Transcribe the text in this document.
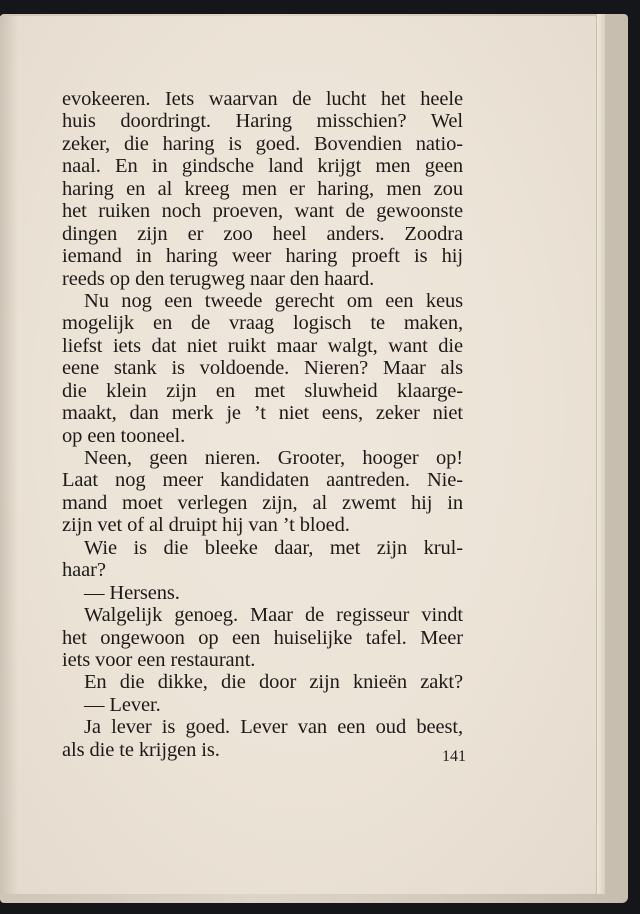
evokeeren. Iets waarvan de lucht het heele
huis doordringt. Haring misschien? Wel
zeker, die haring is goed. Bovendien natio-
naal. En in gindsche land krijgt men geen
haring en al kreeg men er haring, men zou
het ruiken noch proeven, want de gewoonste
dingen zijn er zoo heel anders. Zoodra
iemand in haring weer haring proeft is hij
reeds op den terugweg naar den haard.
Nu nog een tweede gerecht om een keus
mogelijk en de vraag logisch te maken,
liefst iets dat niet ruikt maar walgt, want die
eene stank is voldoende. Nieren? Maar als
die klein zijn en met sluwheid klaarge-
maakt, dan merk je ’t niet eens, zeker niet
op een tooneel.
Neen, geen nieren. Grooter, hooger op!
Laat nog meer kandidaten aantreden. Nie-
mand moet verlegen zijn, al zwemt hij in
zijn vet of al druipt hij van ’t bloed.
Wie is die bleeke daar, met zijn krul-
haar?
— Hersens.
Walgelijk genoeg. Maar de regisseur vindt
het ongewoon op een huiselijke tafel. Meer
iets voor een restaurant.
En die dikke, die door zijn knieën zakt?
— Lever.
Ja lever is goed. Lever van een oud beest,
als die te krijgen is.	141
